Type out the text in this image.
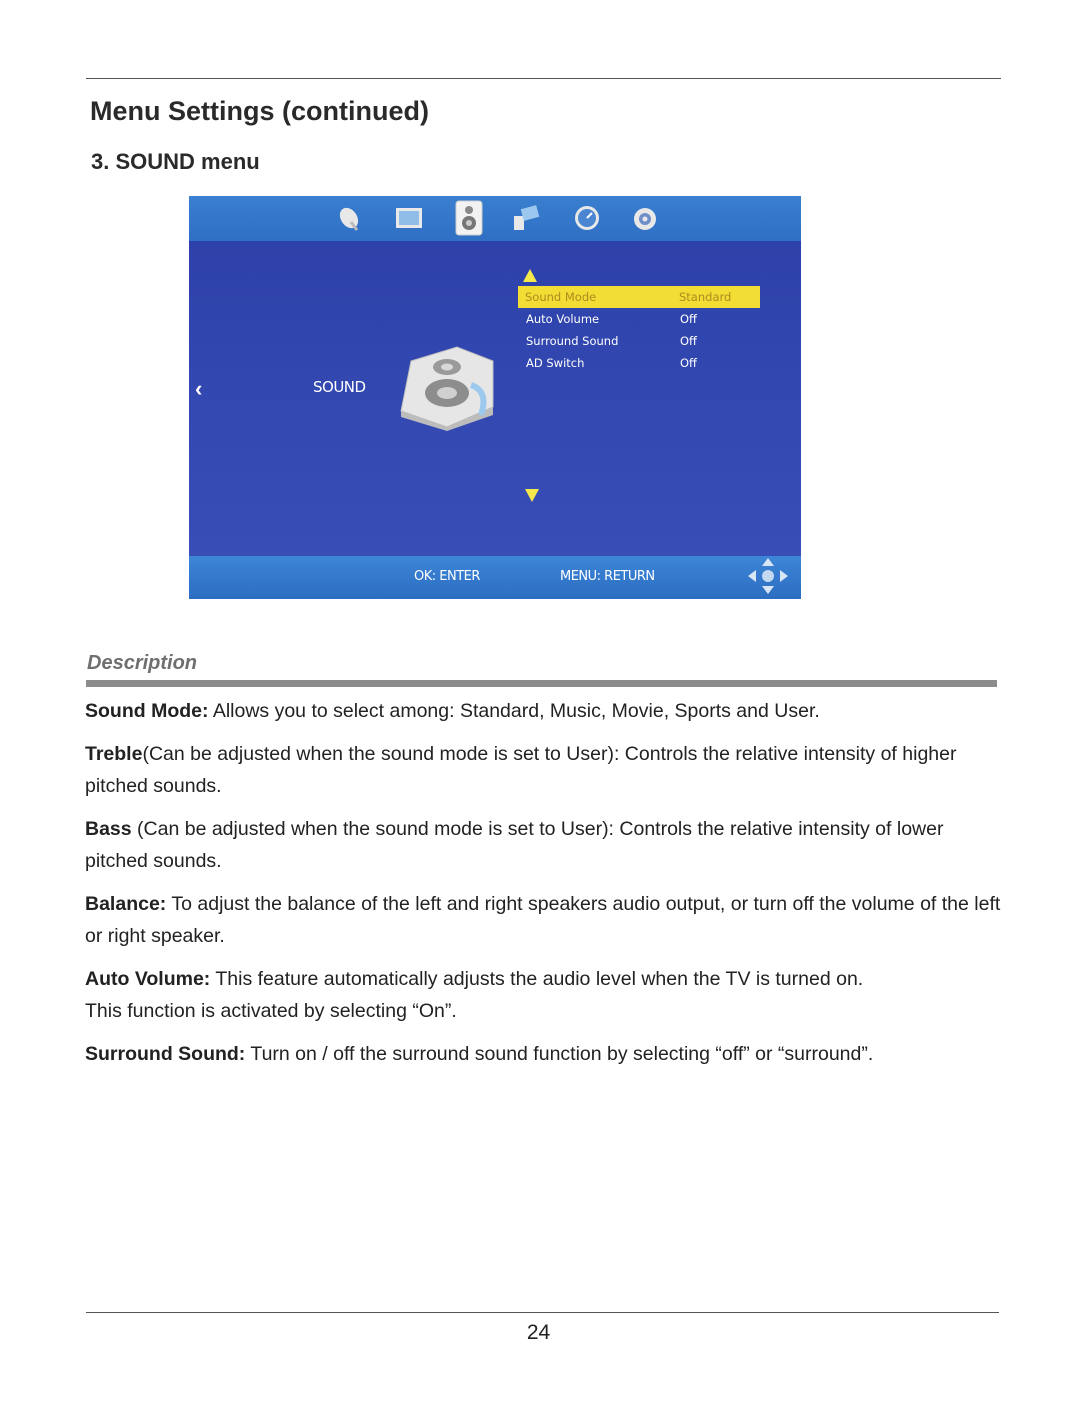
Menu Settings (continued)
3. SOUND menu
‹	SOUND
Sound Mode	Standard
Auto Volume	Off
Surround Sound	Off
AD Switch	Off
OK: ENTER	MENU: RETURN
Description
Sound Mode: Allows you to select among: Standard, Music, Movie, Sports and User.
Treble(Can be adjusted when the sound mode is set to User): Controls the relative intensity of higher pitched sounds.
Bass (Can be adjusted when the sound mode is set to User): Controls the relative intensity of lower pitched sounds.
Balance: To adjust the balance of the left and right speakers audio output, or turn off the volume of the left or right speaker.
Auto Volume: This feature automatically adjusts the audio level when the TV is turned on.
This function is activated by selecting “On”.
Surround Sound: Turn on / off the surround sound function by selecting “off” or “surround”.
24
